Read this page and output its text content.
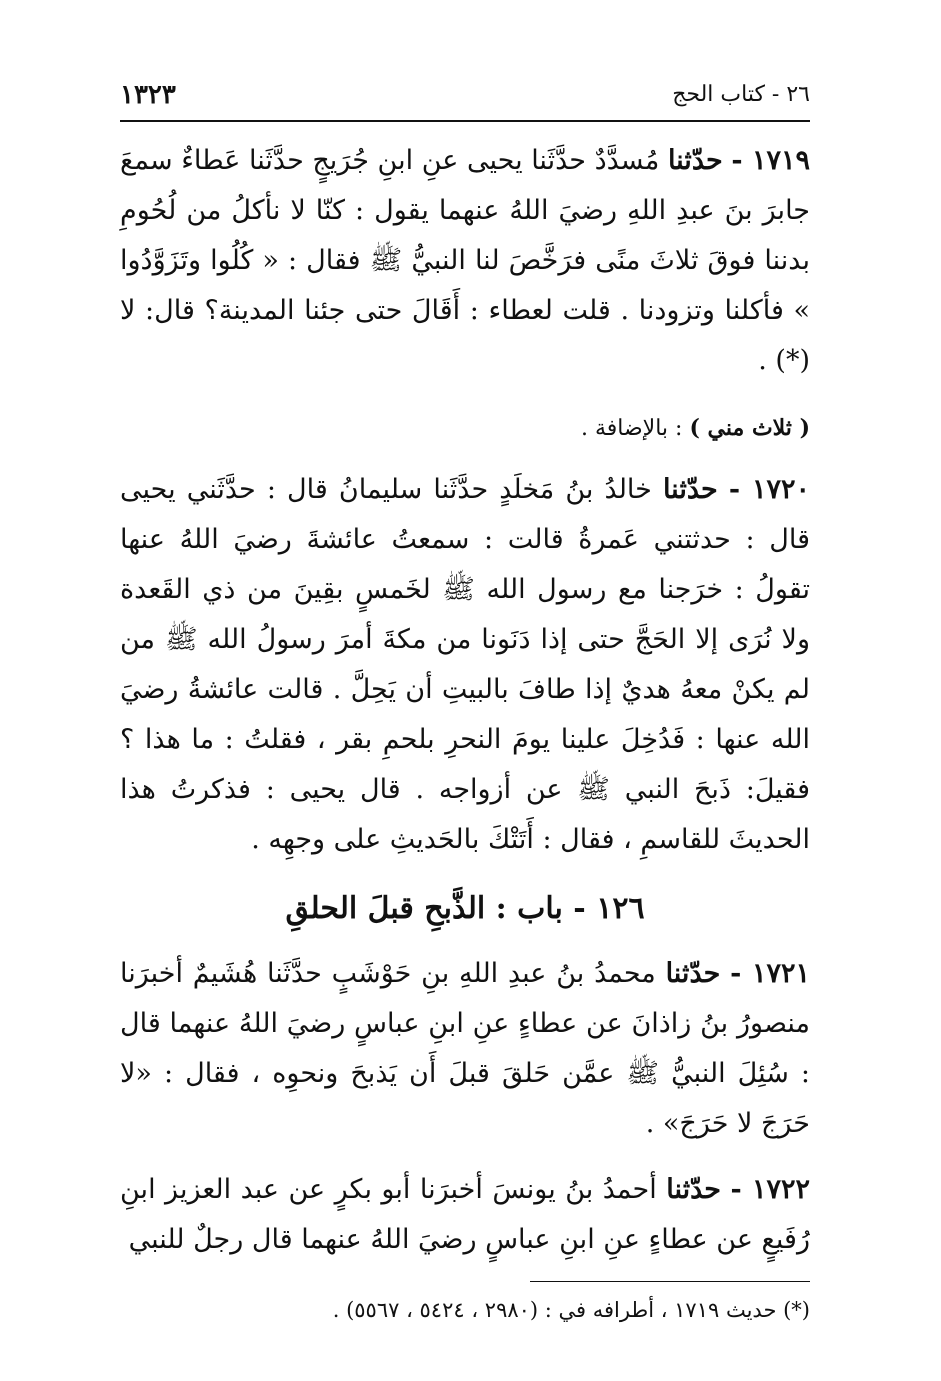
٢٦ - كتاب الحج
١٣٢٣

١٧١٩ - حدّثنا مُسدَّدٌ حدَّثَنا يحيى عنِ ابنِ جُرَيجٍ حدَّثَنا عَطاءٌ سمعَ جابرَ بنَ عبدِ اللهِ رضيَ اللهُ عنهما يقول : كنّا لا نأكلُ من لُحُومِ بدننا فوقَ ثلاثَ منًى فرَخَّصَ لنا النبيُّ ﷺ فقال : « كُلُوا وتَزَوَّدُوا » فأكلنا وتزودنا . قلت لعطاء : أَقَالَ حتى جئنا المدينة؟ قال: لا (*) .

( ثلاث مني ) : بالإضافة .

١٧٢٠ - حدّثنا خالدُ بنُ مَخلَدٍ حدَّثَنا سليمانُ قال : حدَّثَني يحيى قال : حدثتني عَمرةُ قالت : سمعتُ عائشةَ رضيَ اللهُ عنها تقولُ : خرَجنا مع رسول الله ﷺ لخَمسٍ بقِينَ من ذي القَعدة ولا نُرَى إلا الحَجَّ حتى إذا دَنَونا من مكةَ أمرَ رسولُ الله ﷺ من لم يكنْ معهُ هديٌ إذا طافَ بالبيتِ أن يَحِلَّ . قالت عائشةُ رضيَ الله عنها : فَدُخِلَ علينا يومَ النحرِ بلحمِ بقر ، فقلتُ : ما هذا ؟ فقيلَ: ذَبحَ النبي ﷺ عن أزواجه . قال يحيى : فذكرتُ هذا الحديثَ للقاسمِ ، فقال : أَتَتْكَ بالحَديثِ على وجهِه .

١٢٦ - باب : الذَّبحِ قبلَ الحلقِ

١٧٢١ - حدّثنا محمدُ بنُ عبدِ اللهِ بنِ حَوْشَبٍ حدَّثَنا هُشَيمٌ أخبرَنا منصورُ بنُ زاذانَ عن عطاءٍ عنِ ابنِ عباسٍ رضيَ اللهُ عنهما قال : سُئِلَ النبيُّ ﷺ عمَّن حَلقَ قبلَ أَن يَذبحَ ونحوِه ، فقال : «لا حَرَجَ لا حَرَجَ» .

١٧٢٢ - حدّثنا أحمدُ بنُ يونسَ أخبرَنا أبو بكرٍ عن عبد العزيز ابنِ رُفَيعٍ عن عطاءٍ عنِ ابنِ عباسٍ رضيَ اللهُ عنهما قال رجلٌ للنبي

(*) حديث ١٧١٩ ، أطرافه في : (٢٩٨٠ ، ٥٤٢٤ ، ٥٥٦٧) .
